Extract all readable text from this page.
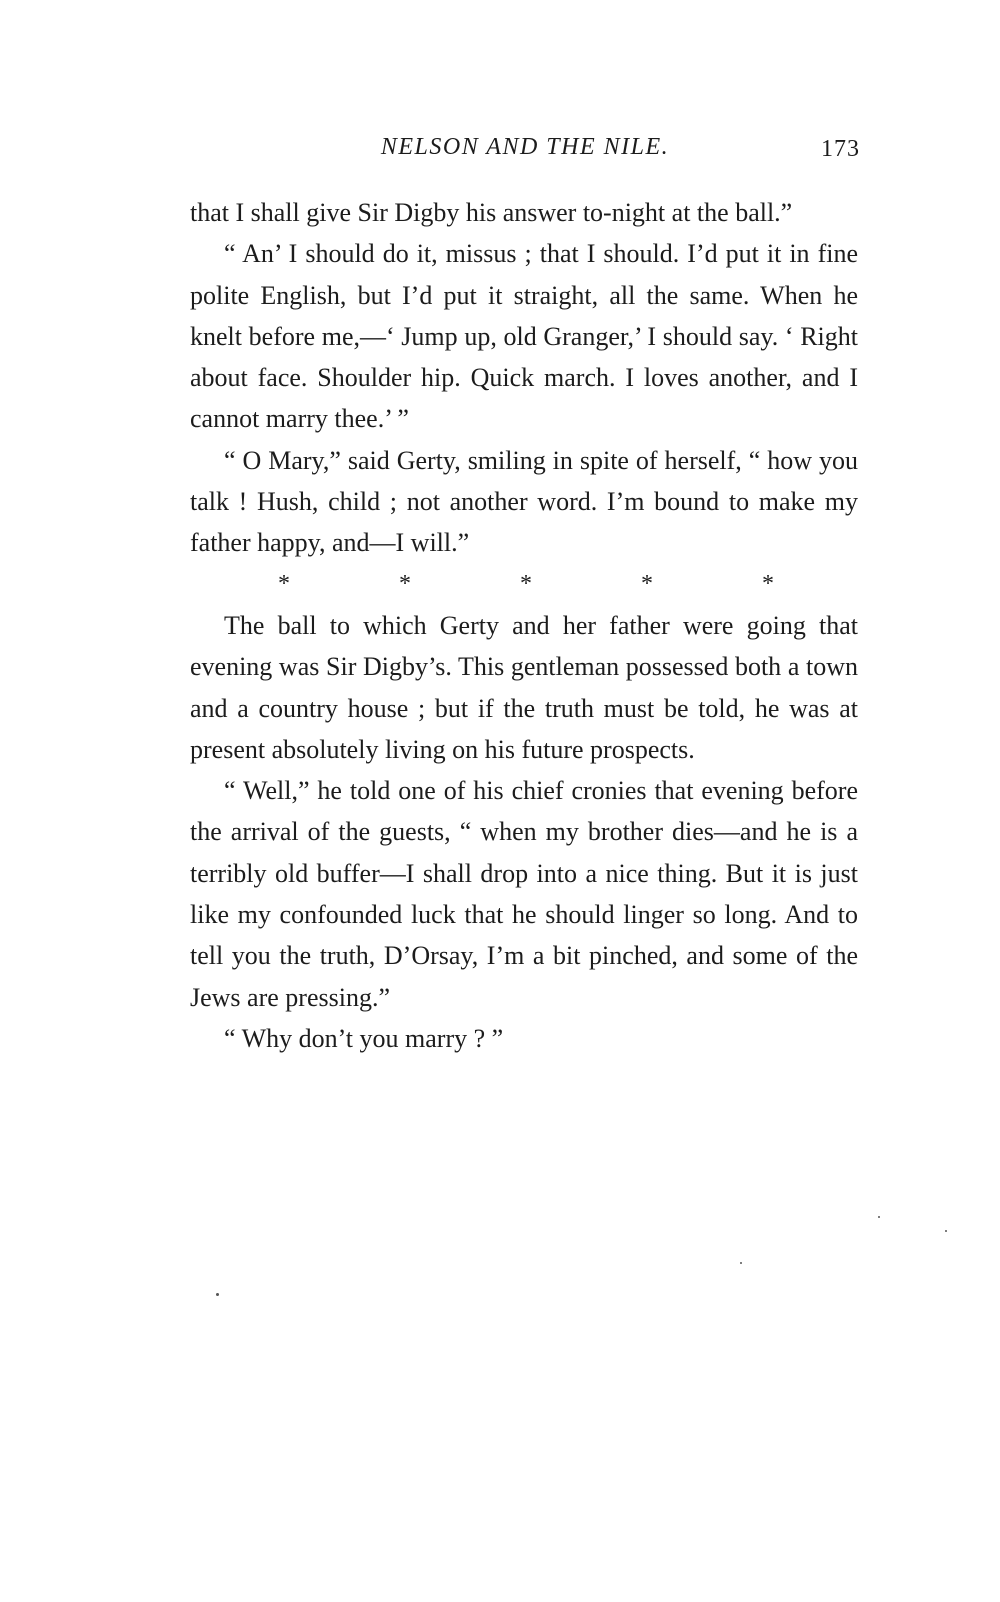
NELSON AND THE NILE.	173

that I shall give Sir Digby his answer to-night at the ball.”

“ An’ I should do it, missus ; that I should. I’d put it in fine polite English, but I’d put it straight, all the same. When he knelt before me,—‘ Jump up, old Granger,’ I should say. ‘ Right about face. Shoulder hip. Quick march. I loves another, and I cannot marry thee.’ ”

“ O Mary,” said Gerty, smiling in spite of herself, “ how you talk ! Hush, child ; not another word. I’m bound to make my father happy, and—I will.”

*	*	*	*	*

The ball to which Gerty and her father were going that evening was Sir Digby’s. This gentleman possessed both a town and a country house ; but if the truth must be told, he was at present absolutely living on his future prospects.

“ Well,” he told one of his chief cronies that evening before the arrival of the guests, “ when my brother dies—and he is a terribly old buffer—I shall drop into a nice thing. But it is just like my confounded luck that he should linger so long. And to tell you the truth, D’Orsay, I’m a bit pinched, and some of the Jews are pressing.”

“ Why don’t you marry ? ”
